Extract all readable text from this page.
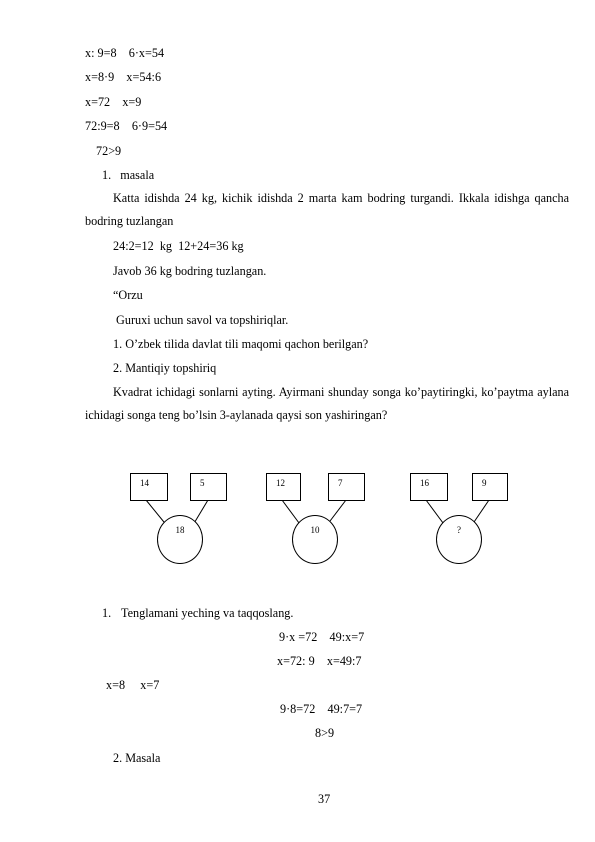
x: 9=8    6·x=54
x=8·9    x=54:6
x=72    x=9
72:9=8    6·9=54
72>9
1.   masala
Katta idishda 24 kg, kichik idishda 2 marta kam bodring turgandi. Ikkala idishga qancha bodring tuzlangan
24:2=12  kg  12+24=36 kg
Javob 36 kg bodring tuzlangan.
“Orzu
Guruxi uchun savol va topshiriqlar.
1. O’zbek tilida davlat tili maqomi qachon berilgan?
2. Mantiqiy topshiriq
Kvadrat ichidagi sonlarni ayting. Ayirmani shunday songa ko’paytiringki, ko’paytma aylana ichidagi songa teng bo’lsin 3-aylanada qaysi son yashiringan?
14	5
18
12	7
10
16	9
?
1. Tenglamani yeching va taqqoslang.
9·x =72    49:x=7
x=72: 9    x=49:7
x=8     x=7
9·8=72    49:7=7
8>9
2. Masala
37
